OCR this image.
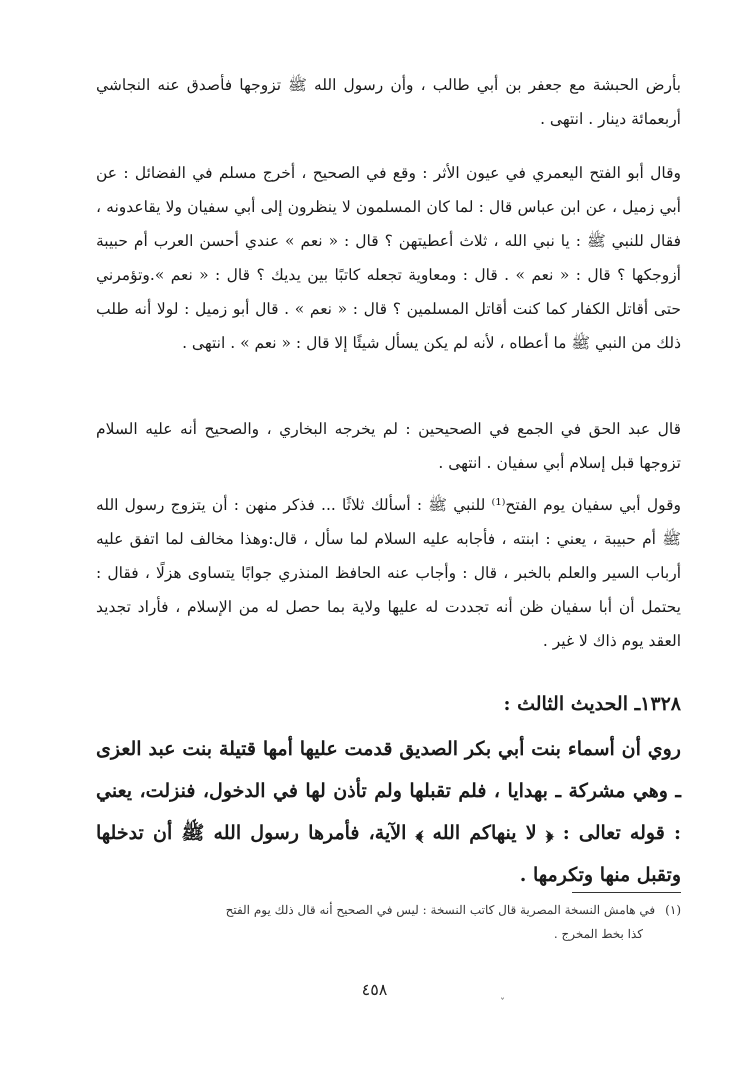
بأرض الحبشة مع جعفر بن أبي طالب ، وأن رسول الله ﷺ تزوجها فأصدق عنه النجاشي أربعمائة دينار . انتهى .

وقال أبو الفتح اليعمري في عيون الأثر : وقع في الصحيح ، أخرج مسلم في الفضائل : عن أبي زميل ، عن ابن عباس قال : لما كان المسلمون لا ينظرون إلى أبي سفيان ولا يقاعدونه ، فقال للنبي ﷺ : يا نبي الله ، ثلاث أعطيتهن ؟ قال : « نعم » عندي أحسن العرب أم حبيبة أزوجكها ؟ قال : « نعم » . قال : ومعاوية تجعله كاتبًا بين يديك ؟ قال : « نعم ».وتؤمرني حتى أقاتل الكفار كما كنت أقاتل المسلمين ؟ قال : « نعم » . قال أبو زميل : لولا أنه طلب ذلك من النبي ﷺ ما أعطاه ، لأنه لم يكن يسأل شيئًا إلا قال : « نعم » . انتهى .

قال عبد الحق في الجمع في الصحيحين : لم يخرجه البخاري ، والصحيح أنه عليه السلام تزوجها قبل إسلام أبي سفيان . انتهى .

وقول أبي سفيان يوم الفتح⁽¹⁾ للنبي ﷺ : أسألك ثلاثًا ... فذكر منهن : أن يتزوج رسول الله ﷺ أم حبيبة ، يعني : ابنته ، فأجابه عليه السلام لما سأل ، قال:وهذا مخالف لما اتفق عليه أرباب السير والعلم بالخبر ، قال : وأجاب عنه الحافظ المنذري جوابًا يتساوى هزلًا ، فقال : يحتمل أن أبا سفيان ظن أنه تجددت له عليها ولاية بما حصل له من الإسلام ، فأراد تجديد العقد يوم ذاك لا غير .

١٣٢٨ـ الحديث الثالث :

روي أن أسماء بنت أبي بكر الصديق قدمت عليها أمها قتيلة بنت عبد العزى ـ وهي مشركة ـ بهدايا ، فلم تقبلها ولم تأذن لها في الدخول، فنزلت، يعني : قوله تعالى : ﴿ لا ينهاكم الله ﴾ الآية، فأمرها رسول الله ﷺ أن تدخلها وتقبل منها وتكرمها .

(١)في هامش النسخة المصرية قال كاتب النسخة : ليس في الصحيح أنه قال ذلك يوم الفتح
كذا بخط المخرج .
٤٥٨
ˇ
